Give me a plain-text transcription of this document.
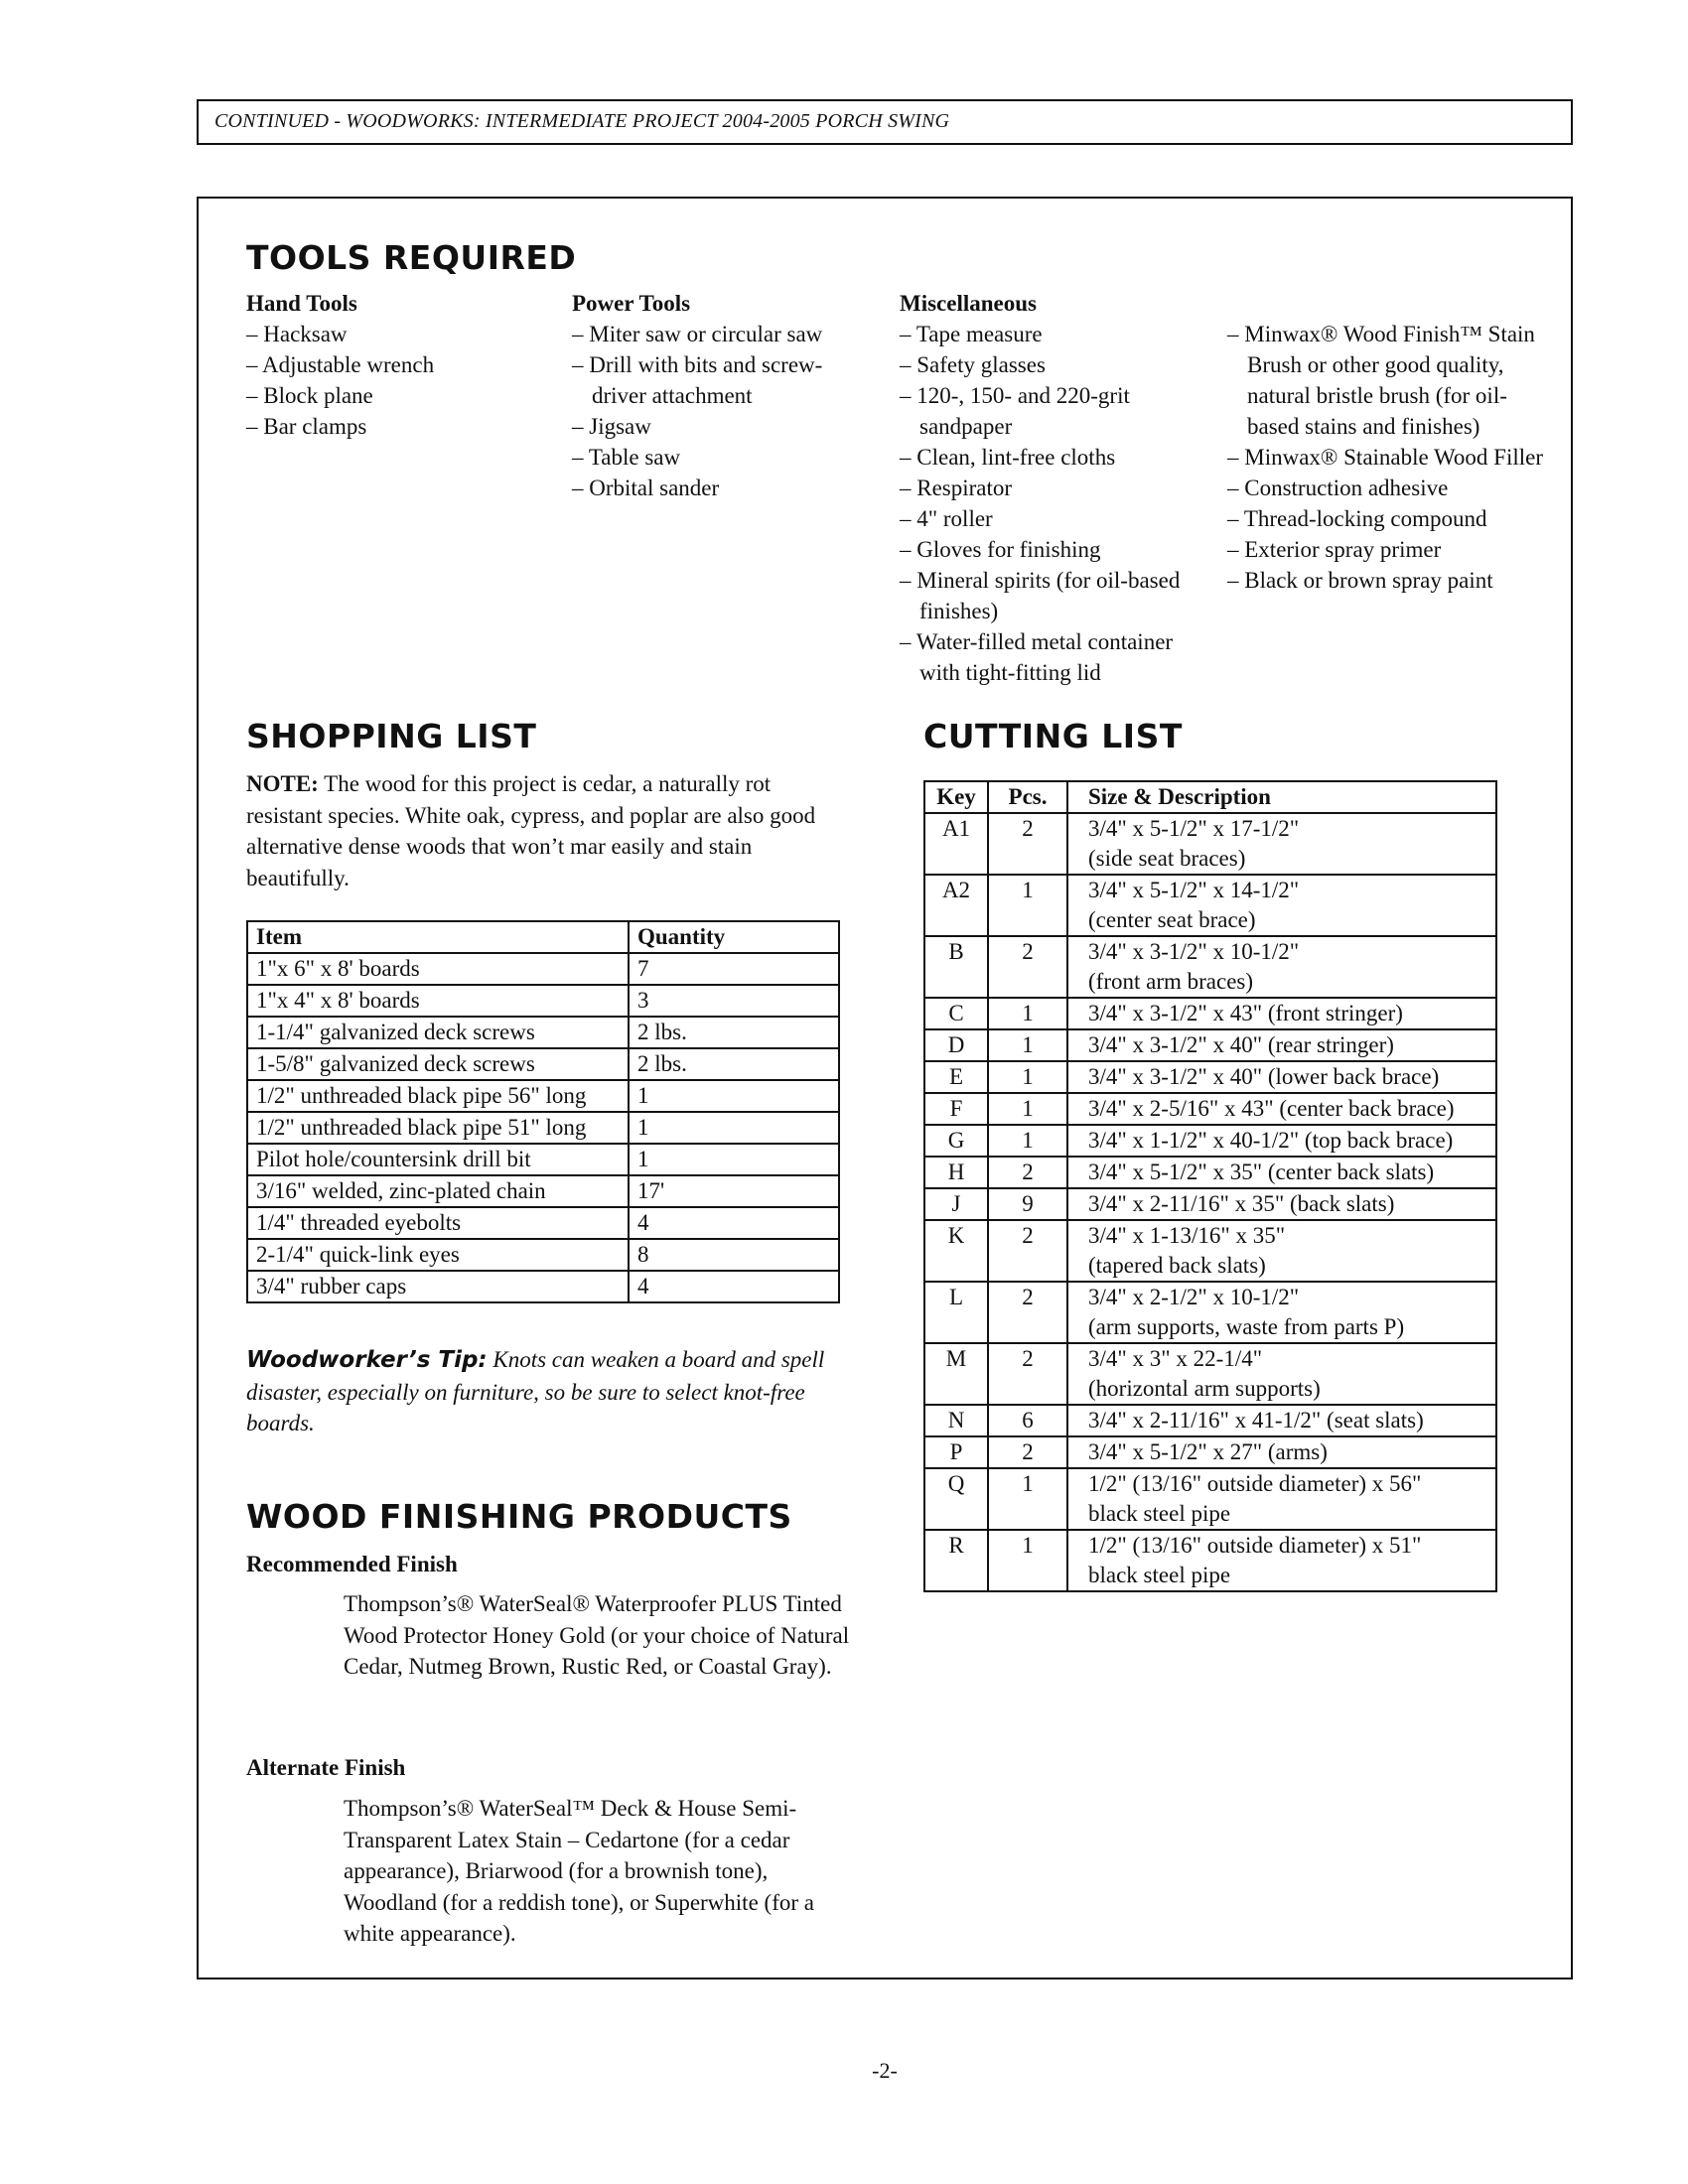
CONTINUED - WOODWORKS: INTERMEDIATE PROJECT 2004-2005 PORCH SWING
TOOLS REQUIRED
Hand Tools
– Hacksaw
– Adjustable wrench
– Block plane
– Bar clamps
Power Tools
– Miter saw or circular saw
– Drill with bits and screw-driver attachment
– Jigsaw
– Table saw
– Orbital sander
Miscellaneous
– Tape measure
– Safety glasses
– 120-, 150- and 220-grit sandpaper
– Clean, lint-free cloths
– Respirator
– 4" roller
– Gloves for finishing
– Mineral spirits (for oil-based finishes)
– Water-filled metal container with tight-fitting lid
– Minwax® Wood Finish™ Stain Brush or other good quality, natural bristle brush (for oil-based stains and finishes)
– Minwax® Stainable Wood Filler
– Construction adhesive
– Thread-locking compound
– Exterior spray primer
– Black or brown spray paint
SHOPPING LIST
NOTE: The wood for this project is cedar, a naturally rot resistant species. White oak, cypress, and poplar are also good alternative dense woods that won’t mar easily and stain beautifully.
Item	Quantity
1"x 6" x 8' boards	7
1"x 4" x 8' boards	3
1-1/4" galvanized deck screws	2 lbs.
1-5/8" galvanized deck screws	2 lbs.
1/2" unthreaded black pipe 56" long	1
1/2" unthreaded black pipe 51" long	1
Pilot hole/countersink drill bit	1
3/16" welded, zinc-plated chain	17'
1/4" threaded eyebolts	4
2-1/4" quick-link eyes	8
3/4" rubber caps	4
Woodworker’s Tip: Knots can weaken a board and spell disaster, especially on furniture, so be sure to select knot-free boards.
WOOD FINISHING PRODUCTS
Recommended Finish
Thompson’s® WaterSeal® Waterproofer PLUS Tinted Wood Protector Honey Gold (or your choice of Natural Cedar, Nutmeg Brown, Rustic Red, or Coastal Gray).
Alternate Finish
Thompson’s® WaterSeal™ Deck & House Semi-Transparent Latex Stain – Cedartone (for a cedar appearance), Briarwood (for a brownish tone), Woodland (for a reddish tone), or Superwhite (for a white appearance).
CUTTING LIST
Key	Pcs.	Size & Description
A1	2	3/4" x 5-1/2" x 17-1/2"
(side seat braces)

A2	1	3/4" x 5-1/2" x 14-1/2"
(center seat brace)

B	2	3/4" x 3-1/2" x 10-1/2"
(front arm braces)

C	1	3/4" x 3-1/2" x 43" (front stringer)

D	1	3/4" x 3-1/2" x 40" (rear stringer)

E	1	3/4" x 3-1/2" x 40" (lower back brace)

F	1	3/4" x 2-5/16" x 43" (center back brace)

G	1	3/4" x 1-1/2" x 40-1/2" (top back brace)

H	2	3/4" x 5-1/2" x 35" (center back slats)

J	9	3/4" x 2-11/16" x 35" (back slats)

K	2	3/4" x 1-13/16" x 35"
(tapered back slats)

L	2	3/4" x 2-1/2" x 10-1/2"
(arm supports, waste from parts P)

M	2	3/4" x 3" x 22-1/4"
(horizontal arm supports)

N	6	3/4" x 2-11/16" x 41-1/2" (seat slats)

P	2	3/4" x 5-1/2" x 27" (arms)

Q	1	1/2" (13/16" outside diameter) x 56"
black steel pipe

R	1	1/2" (13/16" outside diameter) x 51"
black steel pipe
-2-
